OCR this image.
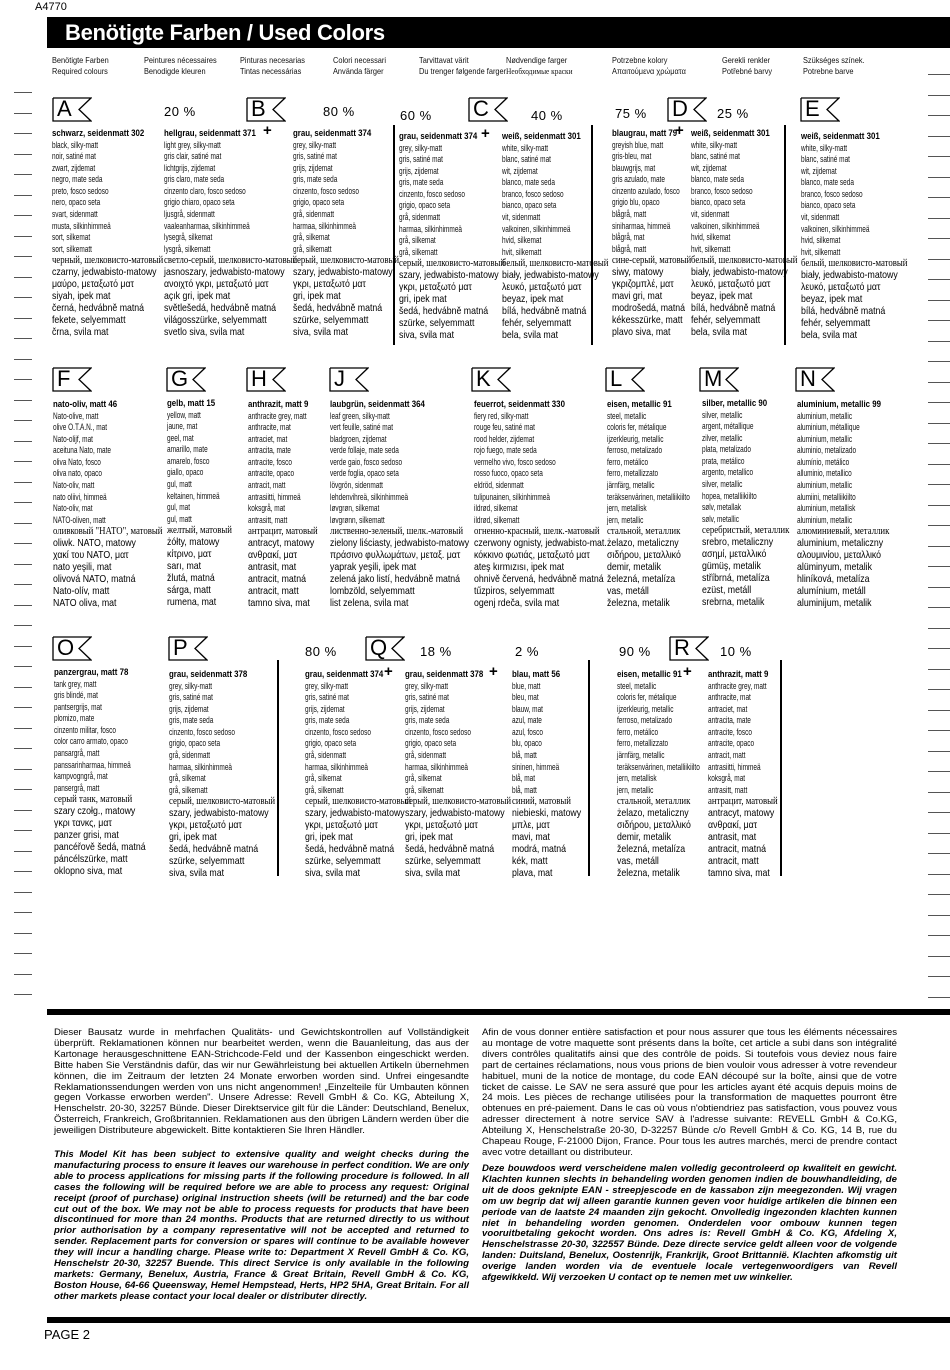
A4770
Benötigte Farben / Used Colors
Benötigte Farben
Required colours
Peintures nécessaires
Benodigde kleuren
Pinturas necesarias
Tintas necessárias
Colori necessari
Använda färger
Tarvittavat värit
Du trenger følgende farger
Nødvendige farger
Необходимые краски
Potrzebne kolory
Απαιτούμενα χρώματα
Gerekli renkler
Potřebné barvy
Szükséges színek.
Potrebne barve
A	B	C	D	E
F	G	H	J	K	L	M	N
O	P	Q	R
20 %	80 %	60 %	40 %	75 %	25 %
80 %	18 %	2 %	90 %	10 %
+	+	+
+	+	+
schwarz, seidenmatt 302
black, silky-matt
noir, satiné mat
zwart, zijdemat
negro, mate seda
preto, fosco sedoso
nero, opaco seta
svart, sidenmatt
musta, silkinhimmeä
sort, silkemat
sort, silkematt
черный, шелковисто-матовый
czarny, jedwabisto-matowy
μαύρο, μεταξωτό ματ
siyah, ipek mat
černá, hedvábně matná
fekete, selyemmatt
črna, svila mat
hellgrau, seidenmatt 371
light grey, silky-matt
gris clair, satiné mat
lichtgrijs, zijdemat
gris claro, mate seda
cinzento claro, fosco sedoso
grigio chiaro, opaco seta
ljusgrå, sidenmatt
vaaleanharmaa, silkinhimmeä
lysegrå, silkemat
lysgrå, silkematt
светло-серый, шелковисто-матовый
jasnoszary, jedwabisto-matowy
ανοιχτό γκρι, μεταξωτό ματ
açık gri, ipek mat
světlešedá, hedvábně matná
világosszürke, selyemmatt
svetlo siva, svila mat
grau, seidenmatt 374
grey, silky-matt
gris, satiné mat
grijs, zijdemat
gris, mate seda
cinzento, fosco sedoso
grigio, opaco seta
grå, sidenmatt
harmaa, silkinhimmeä
grå, silkemat
grå, silkematt
серый, шелковисто-матовый
szary, jedwabisto-matowy
γκρι, μεταξωτό ματ
gri, ipek mat
šedá, hedvábně matná
szürke, selyemmatt
siva, svila mat
grau, seidenmatt 374
grey, silky-matt
gris, satiné mat
grijs, zijdemat
gris, mate seda
cinzento, fosco sedoso
grigio, opaco seta
grå, sidenmatt
harmaa, silkinhimmeä
grå, silkemat
grå, silkematt
серый, шелковисто-матовый
szary, jedwabisto-matowy
γκρι, μεταξωτό ματ
gri, ipek mat
šedá, hedvábně matná
szürke, selyemmatt
siva, svila mat
weiß, seidenmatt 301
white, silky-matt
blanc, satiné mat
wit, zijdemat
blanco, mate seda
branco, fosco sedoso
bianco, opaco seta
vit, sidenmatt
valkoinen, silkinhimmeä
hvid, silkemat
hvit, silkematt
белый, шелковисто-матовый
biały, jedwabisto-matowy
λευκό, μεταξωτό ματ
beyaz, ipek mat
bílá, hedvábně matná
fehér, selyemmatt
bela, svila mat
blaugrau, matt 79
greyish blue, matt
gris-bleu, mat
blauwgrijs, mat
gris azulado, mate
cinzento azulado, fosco
grigio blu, opaco
blågrå, matt
siniharmaa, himmeä
blågrå, mat
blågrå, matt
сине-серый, матовый
siwy, matowy
γκριζομπλέ, ματ
mavi gri, mat
modrošedá, matná
kékesszürke, matt
plavo siva, mat
weiß, seidenmatt 301
white, silky-matt
blanc, satiné mat
wit, zijdemat
blanco, mate seda
branco, fosco sedoso
bianco, opaco seta
vit, sidenmatt
valkoinen, silkinhimmeä
hvid, silkemat
hvit, silkematt
белый, шелковисто-матовый
biały, jedwabisto-matowy
λευκό, μεταξωτό ματ
beyaz, ipek mat
bílá, hedvábně matná
fehér, selyemmatt
bela, svila mat
weiß, seidenmatt 301
white, silky-matt
blanc, satiné mat
wit, zijdemat
blanco, mate seda
branco, fosco sedoso
bianco, opaco seta
vit, sidenmatt
valkoinen, silkinhimmeä
hvid, silkemat
hvit, silkematt
белый, шелковисто-матовый
biały, jedwabisto-matowy
λευκό, μεταξωτό ματ
beyaz, ipek mat
bílá, hedvábně matná
fehér, selyemmatt
bela, svila mat
nato-oliv, matt 46
Nato-olive, matt
olive O.T.A.N., mat
Nato-olijf, mat
aceituna Nato, mate
oliva Nato, fosco
oliva nato, opaco
Nato-oliv, matt
nato oliivi, himmeä
Nato-oliv, mat
NATO-oliven, matt
оливковый "НАТО", матовый
oliwk. NATO, matowy
χακί του NATO, ματ
nato yeşili, mat
olivová NATO, matná
Nato-olív, matt
NATO oliva, mat
gelb, matt 15
yellow, matt
jaune, mat
geel, mat
amarillo, mate
amarelo, fosco
giallo, opaco
gul, matt
keltainen, himmeä
gul, mat
gul, matt
желтый, матовый
żółty, matowy
κίτρινο, ματ
sarı, mat
žlutá, matná
sárga, matt
rumena, mat
anthrazit, matt 9
anthracite grey, matt
anthracite, mat
antraciet, mat
antracita, mate
antracite, fosco
antracite, opaco
antracit, matt
antrasiitti, himmeä
koksgrå, mat
antrasitt, matt
антрацит, матовый
antracyt, matowy
ανθρακί, ματ
antrasit, mat
antracit, matná
antracit, matt
tamno siva, mat
laubgrün, seidenmatt 364
leaf green, silky-matt
vert feuille, satiné mat
bladgroen, zijdemat
verde follaje, mate seda
verde gaio, fosco sedoso
verde foglia, opaco seta
lövgrön, sidenmatt
lehdenvihreä, silkinhimmeä
løvgrøn, silkemat
løvgrønn, silkematt
лиственно-зеленый, шелк.-матовый
zielony liściasty, jedwabisto-matowy
πράσινο φυλλωμάτων, μεταξ. ματ
yaprak yeşili, ipek mat
zelená jako listí, hedvábně matná
lombzöld, selyemmatt
list zelena, svila mat
feuerrot, seidenmatt 330
fiery red, silky-matt
rouge feu, satiné mat
rood helder, zijdemat
rojo fuego, mate seda
vermelho vivo, fosco sedoso
rosso fuoco, opaco seta
eldröd, sidenmatt
tulipunainen, silkinhimmeä
ildrød, silkemat
ildrød, silkematt
огненно-красный, шелк.-матовый
czerwony ognisty, jedwabisto-mat.
κόκκινο φωτιάς, μεταξωτό ματ
ateş kırmızısı, ipek mat
ohnivě červená, hedvábně matná
tűzpiros, selyemmatt
ogenj rdeča, svila mat
eisen, metallic 91
steel, metallic
coloris fer, métalique
ijzerkleurig, metallic
ferroso, metalizado
ferro, metálico
ferro, metallizzato
järnfärg, metallic
teräksenvärinen, metalliikiilto
jern, metallisk
jern, metallic
стальной, металлик
żelazo, metaliczny
σιδήρου, μεταλλικό
demir, metalik
železná, metalíza
vas, metáll
železna, metalik
silber, metallic 90
silver, metallic
argent, métallique
zilver, metallic
plata, metalizado
prata, metálico
argento, metallico
silver, metallic
hopea, metalliikiilto
sølv, metallak
sølv, metallic
серебристый, металлик
srebro, metaliczny
ασημί, μεταλλικό
gümüş, metalik
stříbrná, metalíza
ezüst, metáll
srebrna, metalik
aluminium, metallic 99
aluminium, metallic
aluminium, métallique
aluminium, metallic
aluminio, metalizado
alumínio, metálico
alluminio, metallico
aluminium, metallic
alumiini, metalliikiilto
aluminium, metallisk
aluminium, metallic
алюминиевый, металлик
aluminium, metaliczny
αλουμινίου, μεταλλικό
alüminyum, metalik
hliníková, metalíza
alumínium, metáll
aluminijum, metalik
panzergrau, matt 78
tank grey, matt
gris blindé, mat
pantsergrijs, mat
plomizo, mate
cinzento militar, fosco
color carro armato, opaco
pansargrå, matt
panssarinharmaa, himmeä
kampvogngrå, mat
pansergrå, matt
серый танк, матовый
szary czołg., matowy
γκρι τανκς, ματ
panzer grisi, mat
pancéřově šedá, matná
páncélszürke, matt
oklopno siva, mat
grau, seidenmatt 378
grey, silky-matt
gris, satiné mat
grijs, zijdemat
gris, mate seda
cinzento, fosco sedoso
grigio, opaco seta
grå, sidenmatt
harmaa, silkinhimmeä
grå, silkemat
grå, silkematt
серый, шелковисто-матовый
szary, jedwabisto-matowy
γκρι, μεταξωτό ματ
gri, ipek mat
šedá, hedvábně matná
szürke, selyemmatt
siva, svila mat
grau, seidenmatt 374
grey, silky-matt
gris, satiné mat
grijs, zijdemat
gris, mate seda
cinzento, fosco sedoso
grigio, opaco seta
grå, sidenmatt
harmaa, silkinhimmeä
grå, silkemat
grå, silkematt
серый, шелковисто-матовый
szary, jedwabisto-matowy
γκρι, μεταξωτό ματ
gri, ipek mat
šedá, hedvábně matná
szürke, selyemmatt
siva, svila mat
grau, seidenmatt 378
grey, silky-matt
gris, satiné mat
grijs, zijdemat
gris, mate seda
cinzento, fosco sedoso
grigio, opaco seta
grå, sidenmatt
harmaa, silkinhimmeä
grå, silkemat
grå, silkematt
серый, шелковисто-матовый
szary, jedwabisto-matowy
γκρι, μεταξωτό ματ
gri, ipek mat
šedá, hedvábně matná
szürke, selyemmatt
siva, svila mat
blau, matt 56
blue, matt
bleu, mat
blauw, mat
azul, mate
azul, fosco
blu, opaco
blå, matt
sininen, himmeä
blå, mat
blå, matt
синий, матовый
niebieski, matowy
μπλε, ματ
mavi, mat
modrá, matná
kék, matt
plava, mat
eisen, metallic 91
steel, metallic
coloris fer, métalique
ijzerkleurig, metallic
ferroso, metalizado
ferro, metálico
ferro, metallizzato
järnfärg, metallic
teräksenvärinen, metalliikiilto
jern, metallisk
jern, metallic
стальной, металлик
żelazo, metaliczny
σιδήρου, μεταλλικό
demir, metalik
železná, metalíza
vas, metáll
železna, metalik
anthrazit, matt 9
anthracite grey, matt
anthracite, mat
antraciet, mat
antracita, mate
antracite, fosco
antracite, opaco
antracit, matt
antrasiitti, himmeä
koksgrå, mat
antrasitt, matt
антрацит, матовый
antracyt, matowy
ανθρακί, ματ
antrasit, mat
antracit, matná
antracit, matt
tamno siva, mat
Dieser Bausatz wurde in mehrfachen Qualitäts- und Gewichtskontrollen auf Vollständigkeit überprüft. Reklamationen können nur bearbeitet werden, wenn die Bauanleitung, das aus der Kartonage herausgeschnittene EAN-Strichcode-Feld und der Kassenbon eingeschickt werden. Bitte haben Sie Verständnis dafür, das wir nur Gewährleistung bei aktuellen Artikeln übernehmen können, die im Zeitraum der letzten 24 Monate erworben worden sind. Unfrei eingesandte Reklamationssendungen werden von uns nicht angenommen! „Einzelteile für Umbauten können gegen Vorkasse erworben werden". Unsere Adresse: Revell GmbH & Co. KG, Abteilung X, Henschelstr. 20-30, 32257 Bünde. Dieser Direktservice gilt für die Länder: Deutschland, Benelux, Österreich, Frankreich, Großbritannien. Reklamationen aus den übrigen Ländern werden über die jeweiligen Distributeure abgewickelt. Bitte kontaktieren Sie Ihren Händler.
This Model Kit has been subject to extensive quality and weight checks during the manufacturing process to ensure it leaves our warehouse in perfect condition. We are only able to process applications for missing parts if the following procedure is followed. In all cases the following will be required before we are able to process any request: Original receipt (proof of purchase) original instruction sheets (will be returned) and the bar code cut out of the box. We may not be able to process requests for products that have been discontinued for more than 24 months. Products that are returned directly to us without prior authorisation by a company representative will not be accepted and returned to sender. Replacement parts for conversion or spares will continue to be available however they will incur a handling charge. Please write to: Department X Revell GmbH & Co. KG, Henschelstr 20-30, 32257 Buende. This direct Service is only available in the following markets: Germany, Benelux, Austria, France & Great Britain, Revell GmbH & Co. KG, Boston House, 64-66 Queensway, Hemel Hempstead, Herts, HP2 5HA, Great Britain. For all other markets please contact your local dealer or distributer directly.
Afin de vous donner entière satisfaction et pour nous assurer que tous les éléments nécessaires au montage de votre maquette sont présents dans la boîte, cet article a subi dans son intégralité divers contrôles qualitatifs ainsi que des contrôle de poids. Si toutefois vous deviez nous faire part de certaines réclamations, nous vous prions de bien vouloir vous adresser à votre revendeur habituel, muni de la notice de montage, du code EAN découpé sur la boîte, ainsi que de votre ticket de caisse. Le SAV ne sera assuré que pour les articles ayant été acquis depuis moins de 24 mois. Les pièces de rechange utilisées pour la transformation de maquettes pourront être obtenues en pré-paiement. Dans le cas où vous n'obtiendriez pas satisfaction, vous pouvez vous adresser directement à notre service SAV à l'adresse suivante: REVELL GmbH & Co.KG, Abteilung X, Henschelstraße 20-30, D-32257 Bünde c/o Revell GmbH & Co. KG, 14 B, rue du Chapeau Rouge, F-21000 Dijon, France. Pour tous les autres marchés, merci de prendre contact avec votre detaillant ou distributeur.
Deze bouwdoos werd verscheidene malen volledig gecontroleerd op kwaliteit en gewicht. Klachten kunnen slechts in behandeling worden genomen indien de bouwhandleiding, de uit de doos geknipte EAN - streepjescode en de kassabon zijn meegezonden. Wij vragen om uw begrip dat wij alleen garantie kunnen geven voor huidige artikelen die binnen een periode van de laatste 24 maanden zijn gekocht. Onvolledig ingezonden klachten kunnen niet in behandeling worden genomen. Onderdelen voor ombouw kunnen tegen vooruitbetaling gekocht worden. Ons adres is: Revell GmbH & Co. KG, Afdeling X, Henschelstrasse 20-30, 322557 Bünde. Deze directe service geldt alleen voor de volgende landen: Duitsland, Benelux, Oostenrijk, Frankrijk, Groot Brittannië. Klachten afkomstig uit overige landen worden via de eventuele locale vertegenwoordigers van Revell afgewikkeld. Wij verzoeken U contact op te nemen met uw winkelier.
PAGE 2
